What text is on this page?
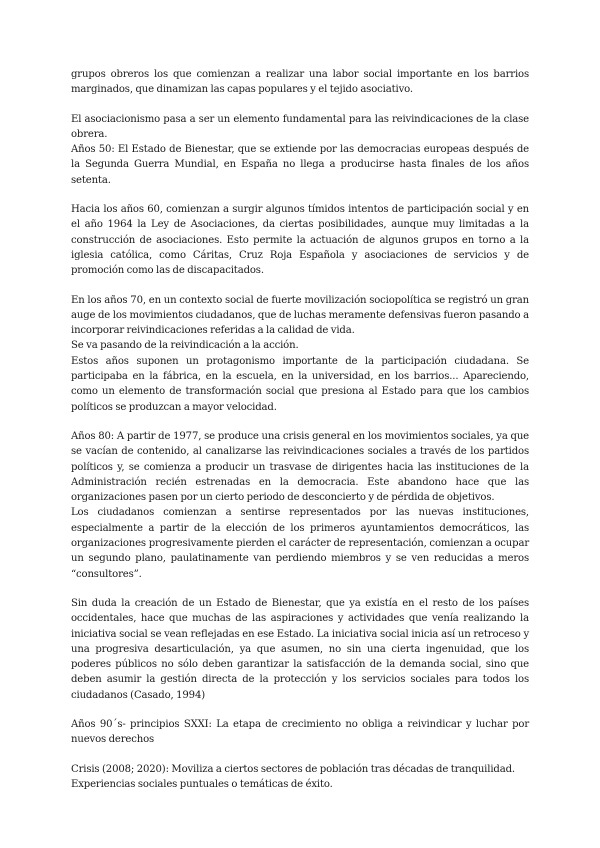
grupos obreros los que comienzan a realizar una labor social importante en los barrios marginados, que dinamizan las capas populares y el tejido asociativo.

El asociacionismo pasa a ser un elemento fundamental para las reivindicaciones de la clase obrera.

Años 50: El Estado de Bienestar, que se extiende por las democracias europeas después de la Segunda Guerra Mundial, en España no llega a producirse hasta finales de los años setenta.

Hacia los años 60, comienzan a surgir algunos tímidos intentos de participación social y en el año 1964 la Ley de Asociaciones, da ciertas posibilidades, aunque muy limitadas a la construcción de asociaciones. Esto permite la actuación de algunos grupos en torno a la iglesia católica, como Cáritas, Cruz Roja Española y asociaciones de servicios y de promoción como las de discapacitados.

En los años 70, en un contexto social de fuerte movilización sociopolítica se registró un gran auge de los movimientos ciudadanos, que de luchas meramente defensivas fueron pasando a incorporar reivindicaciones referidas a la calidad de vida.

Se va pasando de la reivindicación a la acción.

Estos años suponen un protagonismo importante de la participación ciudadana. Se participaba en la fábrica, en la escuela, en la universidad, en los barrios... Apareciendo, como un elemento de transformación social que presiona al Estado para que los cambios políticos se produzcan a mayor velocidad.

Años 80: A partir de 1977, se produce una crisis general en los movimientos sociales, ya que se vacían de contenido, al canalizarse las reivindicaciones sociales a través de los partidos políticos y, se comienza a producir un trasvase de dirigentes hacia las instituciones de la Administración recién estrenadas en la democracia. Este abandono hace que las organizaciones pasen por un cierto periodo de desconcierto y de pérdida de objetivos.

Los ciudadanos comienzan a sentirse representados por las nuevas instituciones, especialmente a partir de la elección de los primeros ayuntamientos democráticos, las organizaciones progresivamente pierden el carácter de representación, comienzan a ocupar un segundo plano, paulatinamente van perdiendo miembros y se ven reducidas a meros “consultores”.

Sin duda la creación de un Estado de Bienestar, que ya existía en el resto de los países occidentales, hace que muchas de las aspiraciones y actividades que venía realizando la iniciativa social se vean reflejadas en ese Estado. La iniciativa social inicia así un retroceso y una progresiva desarticulación, ya que asumen, no sin una cierta ingenuidad, que los poderes públicos no sólo deben garantizar la satisfacción de la demanda social, sino que deben asumir la gestión directa de la protección y los servicios sociales para todos los ciudadanos (Casado, 1994)

Años 90´s- principios SXXI: La etapa de crecimiento no obliga a reivindicar y luchar por nuevos derechos

Crisis (2008; 2020): Moviliza a ciertos sectores de población tras décadas de tranquilidad.

Experiencias sociales puntuales o temáticas de éxito.
